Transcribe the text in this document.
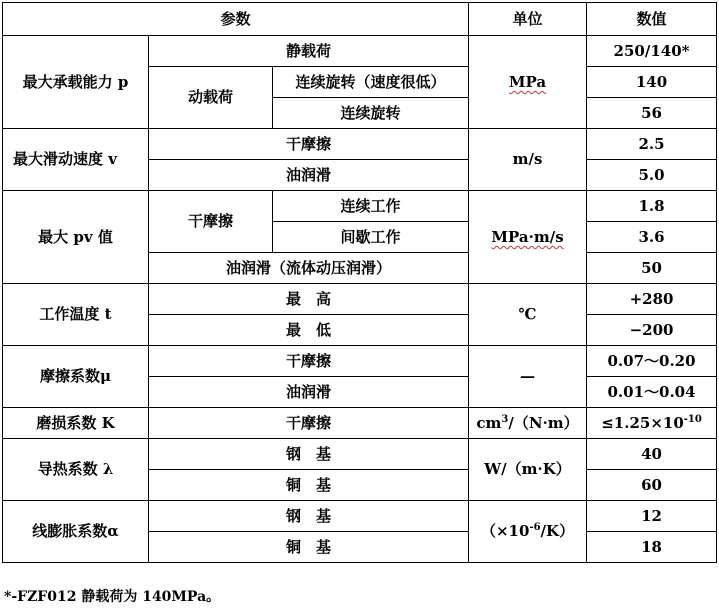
参数			单位	数值
最大承载能力 p	静载荷		MPa	250/140*
	动载荷	连续旋转（速度很低）		140
		连续旋转		56
最大滑动速度 v	干摩擦		m/s	2.5
	油润滑			5.0
最大 pv 值	干摩擦	连续工作	MPa·m/s	1.8
		间歇工作		3.6
	油润滑（流体动压润滑）			50
工作温度 t	最　高		℃	+280
	最　低			−200
摩擦系数μ	干摩擦		—	0.07～0.20
	油润滑			0.01～0.04
磨损系数 K	干摩擦		$cm^3/(N\cdot m)$	$\le 1.25\times 10^{-10}$
导热系数 λ	钢　基		W/（m·K）	40
	铜　基			60
线膨胀系数α	钢　基		$(\times 10^{-6}/K)$	12
	铜　基			18
*-FZF012 静载荷为 140MPa。
